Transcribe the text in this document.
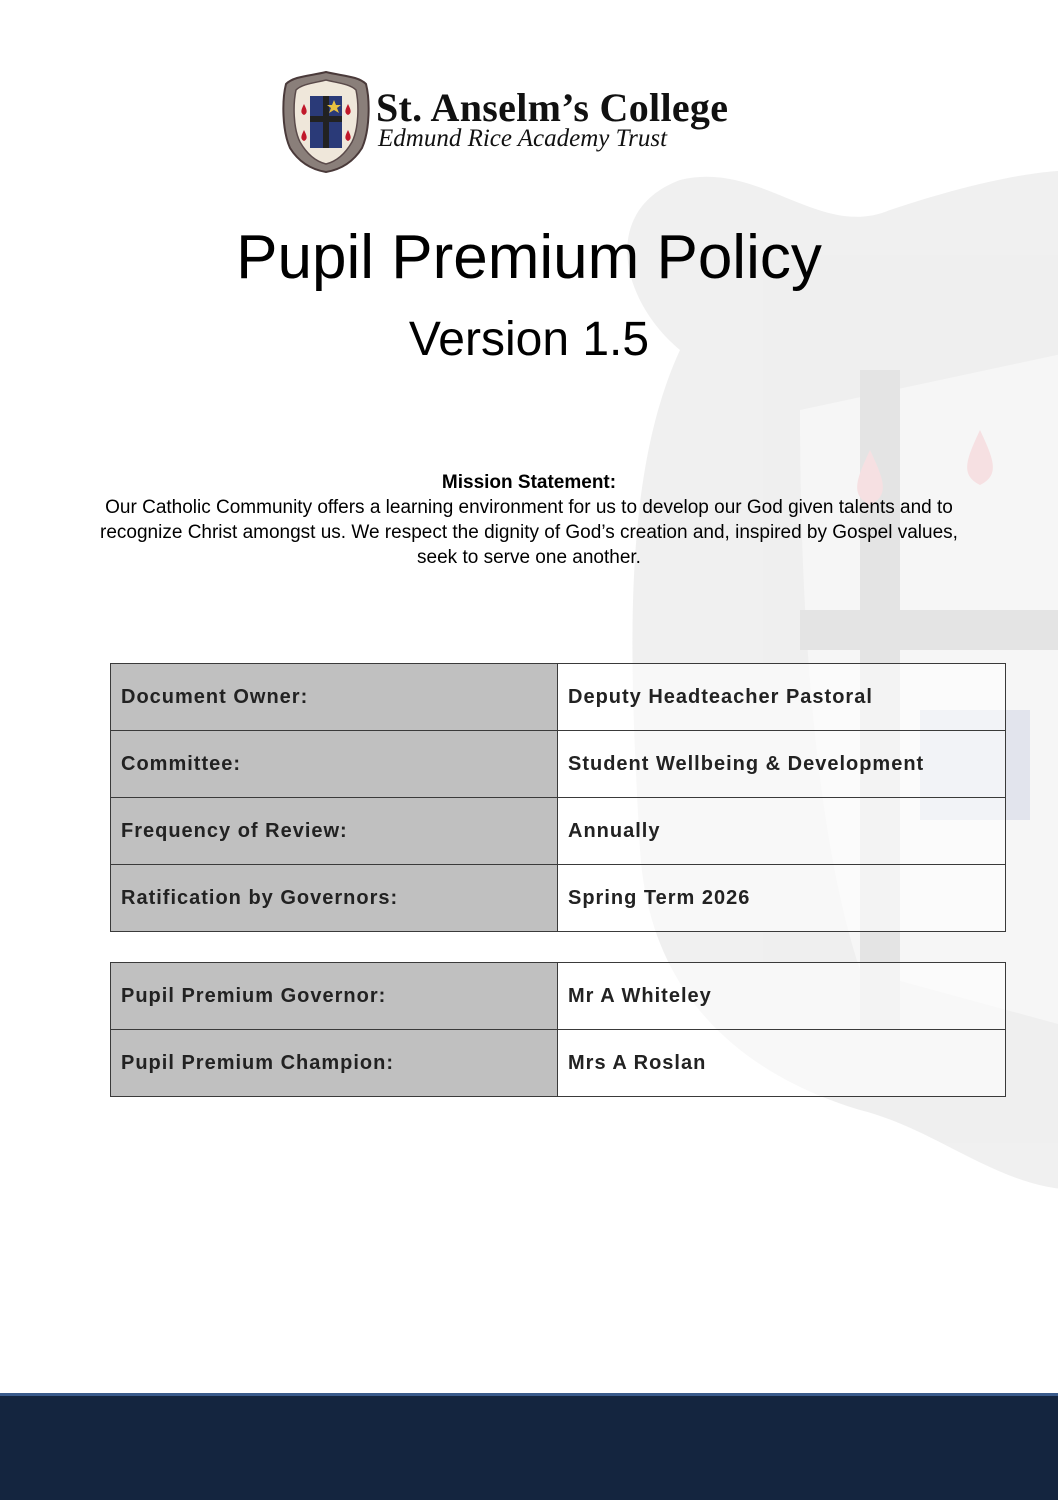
St. Anselm’s College
Edmund Rice Academy Trust
Pupil Premium Policy
Version 1.5
Mission Statement:
Our Catholic Community offers a learning environment for us to develop our God given talents and to recognize Christ amongst us. We respect the dignity of God’s creation and, inspired by Gospel values, seek to serve one another.
Document Owner:	Deputy Headteacher Pastoral
Committee:	Student Wellbeing & Development
Frequency of Review:	Annually
Ratification by Governors:	Spring Term 2026
Pupil Premium Governor:	Mr A Whiteley
Pupil Premium Champion:	Mrs A Roslan
